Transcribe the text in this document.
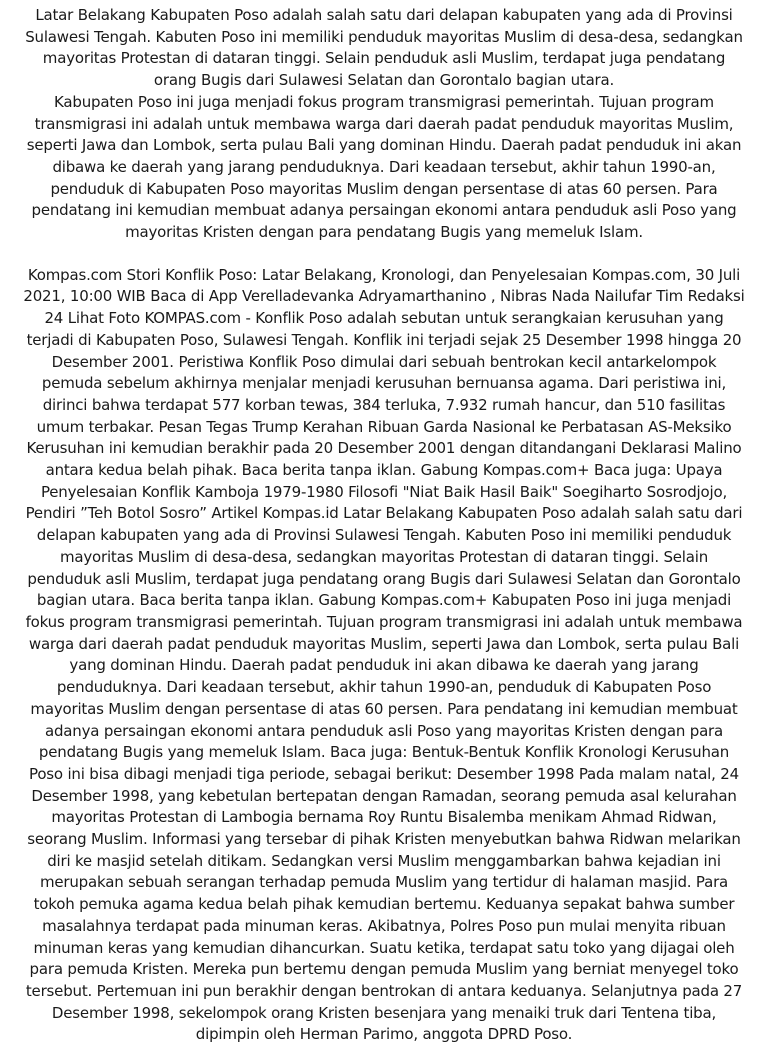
Latar Belakang Kabupaten Poso adalah salah satu dari delapan kabupaten yang ada di Provinsi Sulawesi Tengah. Kabuten Poso ini memiliki penduduk mayoritas Muslim di desa-desa, sedangkan mayoritas Protestan di dataran tinggi. Selain penduduk asli Muslim, terdapat juga pendatang orang Bugis dari Sulawesi Selatan dan Gorontalo bagian utara.

Kabupaten Poso ini juga menjadi fokus program transmigrasi pemerintah. Tujuan program transmigrasi ini adalah untuk membawa warga dari daerah padat penduduk mayoritas Muslim, seperti Jawa dan Lombok, serta pulau Bali yang dominan Hindu. Daerah padat penduduk ini akan dibawa ke daerah yang jarang penduduknya. Dari keadaan tersebut, akhir tahun 1990-an, penduduk di Kabupaten Poso mayoritas Muslim dengan persentase di atas 60 persen. Para pendatang ini kemudian membuat adanya persaingan ekonomi antara penduduk asli Poso yang mayoritas Kristen dengan para pendatang Bugis yang memeluk Islam.

Kompas.com Stori Konflik Poso: Latar Belakang, Kronologi, dan Penyelesaian Kompas.com, 30 Juli 2021, 10:00 WIB Baca di App Verelladevanka Adryamarthanino , Nibras Nada Nailufar Tim Redaksi 24 Lihat Foto KOMPAS.com - Konflik Poso adalah sebutan untuk serangkaian kerusuhan yang terjadi di Kabupaten Poso, Sulawesi Tengah. Konflik ini terjadi sejak 25 Desember 1998 hingga 20 Desember 2001. Peristiwa Konflik Poso dimulai dari sebuah bentrokan kecil antarkelompok pemuda sebelum akhirnya menjalar menjadi kerusuhan bernuansa agama. Dari peristiwa ini, dirinci bahwa terdapat 577 korban tewas, 384 terluka, 7.932 rumah hancur, dan 510 fasilitas umum terbakar. Pesan Tegas Trump Kerahan Ribuan Garda Nasional ke Perbatasan AS-Meksiko Kerusuhan ini kemudian berakhir pada 20 Desember 2001 dengan ditandangani Deklarasi Malino antara kedua belah pihak. Baca berita tanpa iklan. Gabung Kompas.com+ Baca juga: Upaya Penyelesaian Konflik Kamboja 1979-1980 Filosofi "Niat Baik Hasil Baik" Soegiharto Sosrodjojo, Pendiri ”Teh Botol Sosro” Artikel Kompas.id Latar Belakang Kabupaten Poso adalah salah satu dari delapan kabupaten yang ada di Provinsi Sulawesi Tengah. Kabuten Poso ini memiliki penduduk mayoritas Muslim di desa-desa, sedangkan mayoritas Protestan di dataran tinggi. Selain penduduk asli Muslim, terdapat juga pendatang orang Bugis dari Sulawesi Selatan dan Gorontalo bagian utara. Baca berita tanpa iklan. Gabung Kompas.com+ Kabupaten Poso ini juga menjadi fokus program transmigrasi pemerintah. Tujuan program transmigrasi ini adalah untuk membawa warga dari daerah padat penduduk mayoritas Muslim, seperti Jawa dan Lombok, serta pulau Bali yang dominan Hindu. Daerah padat penduduk ini akan dibawa ke daerah yang jarang penduduknya. Dari keadaan tersebut, akhir tahun 1990-an, penduduk di Kabupaten Poso mayoritas Muslim dengan persentase di atas 60 persen. Para pendatang ini kemudian membuat adanya persaingan ekonomi antara penduduk asli Poso yang mayoritas Kristen dengan para pendatang Bugis yang memeluk Islam. Baca juga: Bentuk-Bentuk Konflik Kronologi Kerusuhan Poso ini bisa dibagi menjadi tiga periode, sebagai berikut: Desember 1998 Pada malam natal, 24 Desember 1998, yang kebetulan bertepatan dengan Ramadan, seorang pemuda asal kelurahan mayoritas Protestan di Lambogia bernama Roy Runtu Bisalemba menikam Ahmad Ridwan, seorang Muslim. Informasi yang tersebar di pihak Kristen menyebutkan bahwa Ridwan melarikan diri ke masjid setelah ditikam. Sedangkan versi Muslim menggambarkan bahwa kejadian ini merupakan sebuah serangan terhadap pemuda Muslim yang tertidur di halaman masjid. Para tokoh pemuka agama kedua belah pihak kemudian bertemu. Keduanya sepakat bahwa sumber masalahnya terdapat pada minuman keras. Akibatnya, Polres Poso pun mulai menyita ribuan minuman keras yang kemudian dihancurkan. Suatu ketika, terdapat satu toko yang dijagai oleh para pemuda Kristen. Mereka pun bertemu dengan pemuda Muslim yang berniat menyegel toko tersebut. Pertemuan ini pun berakhir dengan bentrokan di antara keduanya. Selanjutnya pada 27 Desember 1998, sekelompok orang Kristen besenjara yang menaiki truk dari Tentena tiba, dipimpin oleh Herman Parimo, anggota DPRD Poso.
